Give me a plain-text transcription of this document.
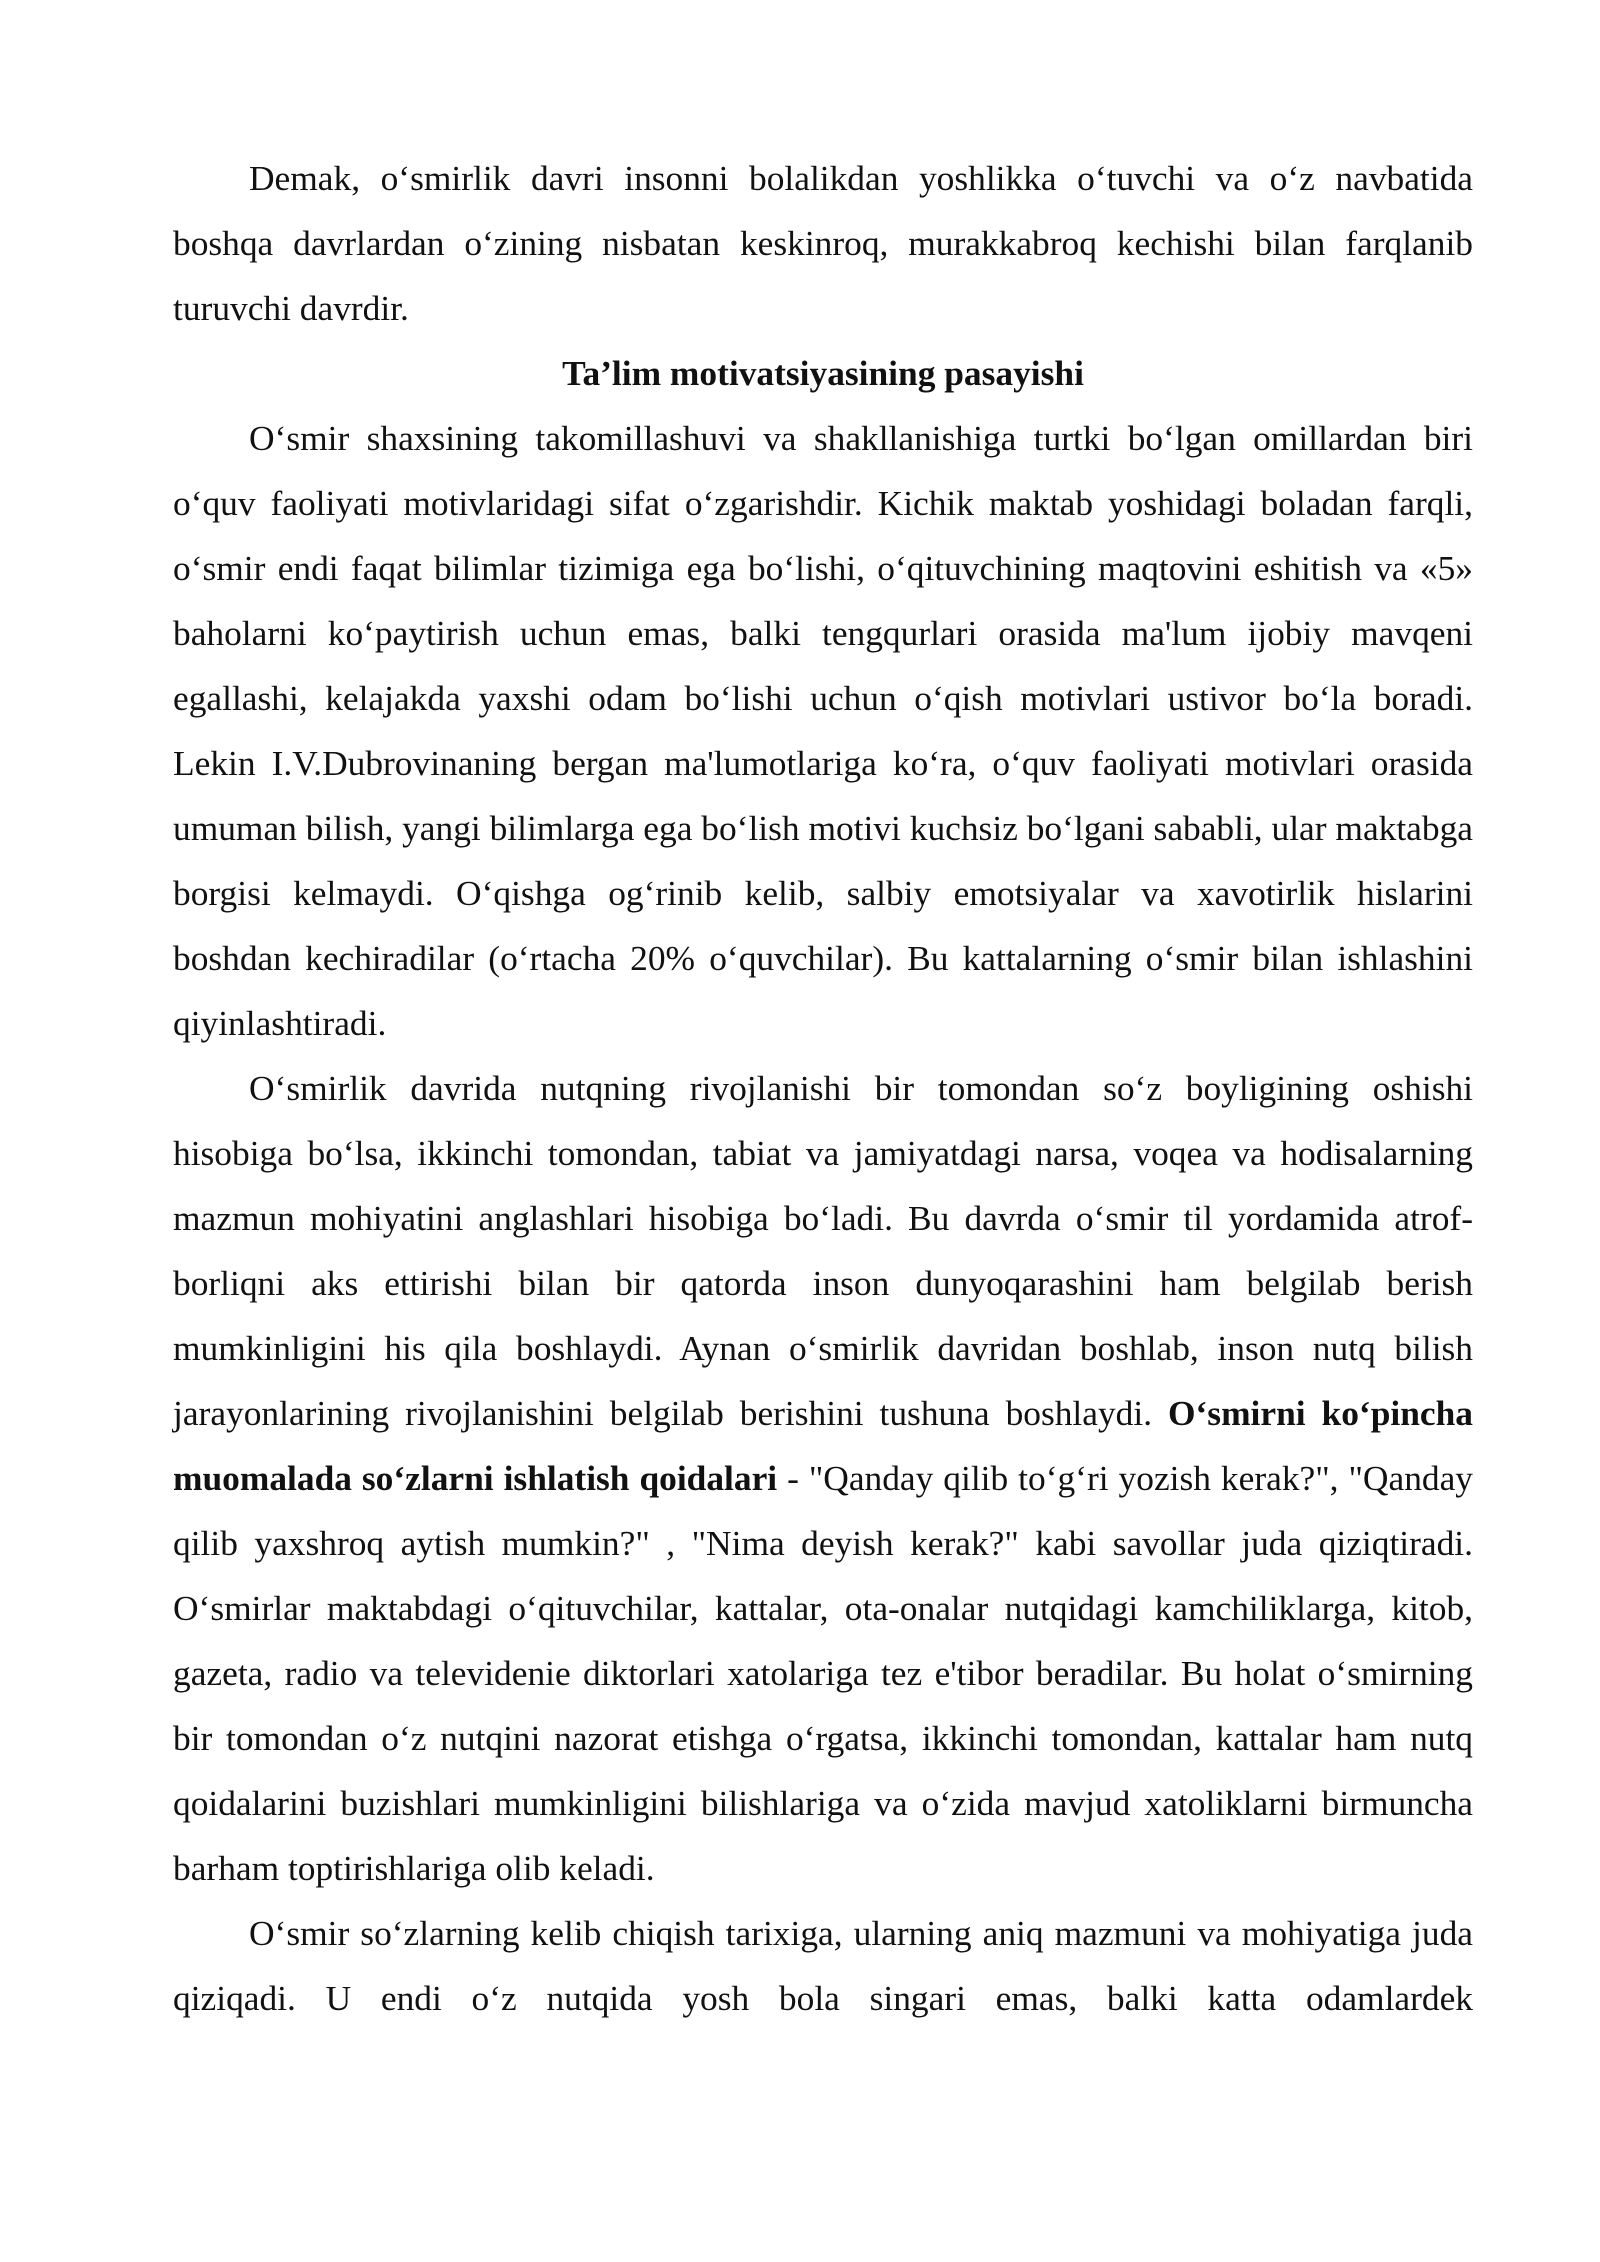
Demak, o‘smirlik davri insonni bolalikdan yoshlikka o‘tuvchi va o‘z navbatida boshqa davrlardan o‘zining nisbatan keskinroq, murakkabroq kechishi bilan farqlanib turuvchi davrdir.

Ta’lim motivatsiyasining pasayishi

O‘smir shaxsining takomillashuvi va shakllanishiga turtki bo‘lgan omillardan biri o‘quv faoliyati motivlaridagi sifat o‘zgarishdir. Kichik maktab yoshidagi boladan farqli, o‘smir endi faqat bilimlar tizimiga ega bo‘lishi, o‘qituvchining maqtovini eshitish va «5» baholarni ko‘paytirish uchun emas, balki tengqurlari orasida ma'lum ijobiy mavqeni egallashi, kelajakda yaxshi odam bo‘lishi uchun o‘qish motivlari ustivor bo‘la boradi. Lekin I.V.Dubrovinaning bergan ma'lumotlariga ko‘ra, o‘quv faoliyati motivlari orasida umuman bilish, yangi bilimlarga ega bo‘lish motivi kuchsiz bo‘lgani sababli, ular maktabga borgisi kelmaydi. O‘qishga og‘rinib kelib, salbiy emotsiyalar va xavotirlik hislarini boshdan kechiradilar (o‘rtacha 20% o‘quvchilar). Bu kattalarning o‘smir bilan ishlashini qiyinlashtiradi.

O‘smirlik davrida nutqning rivojlanishi bir tomondan so‘z boyligining oshishi hisobiga bo‘lsa, ikkinchi tomondan, tabiat va jamiyatdagi narsa, voqea va hodisalarning mazmun mohiyatini anglashlari hisobiga bo‘ladi. Bu davrda o‘smir til yordamida atrof-borliqni aks ettirishi bilan bir qatorda inson dunyoqarashini ham belgilab berish mumkinligini his qila boshlaydi. Aynan o‘smirlik davridan boshlab, inson nutq bilish jarayonlarining rivojlanishini belgilab berishini tushuna boshlaydi. O‘smirni ko‘pincha muomalada so‘zlarni ishlatish qoidalari - "Qanday qilib to‘g‘ri yozish kerak?", "Qanday qilib yaxshroq aytish mumkin?" , "Nima deyish kerak?" kabi savollar juda qiziqtiradi. O‘smirlar maktabdagi o‘qituvchilar, kattalar, ota-onalar nutqidagi kamchiliklarga, kitob, gazeta, radio va televidenie diktorlari xatolariga tez e'tibor beradilar. Bu holat o‘smirning bir tomondan o‘z nutqini nazorat etishga o‘rgatsa, ikkinchi tomondan, kattalar ham nutq qoidalarini buzishlari mumkinligini bilishlariga va o‘zida mavjud xatoliklarni birmuncha barham toptirishlariga olib keladi.

O‘smir so‘zlarning kelib chiqish tarixiga, ularning aniq mazmuni va mohiyatiga juda qiziqadi. U endi o‘z nutqida yosh bola singari emas, balki katta odamlardek
